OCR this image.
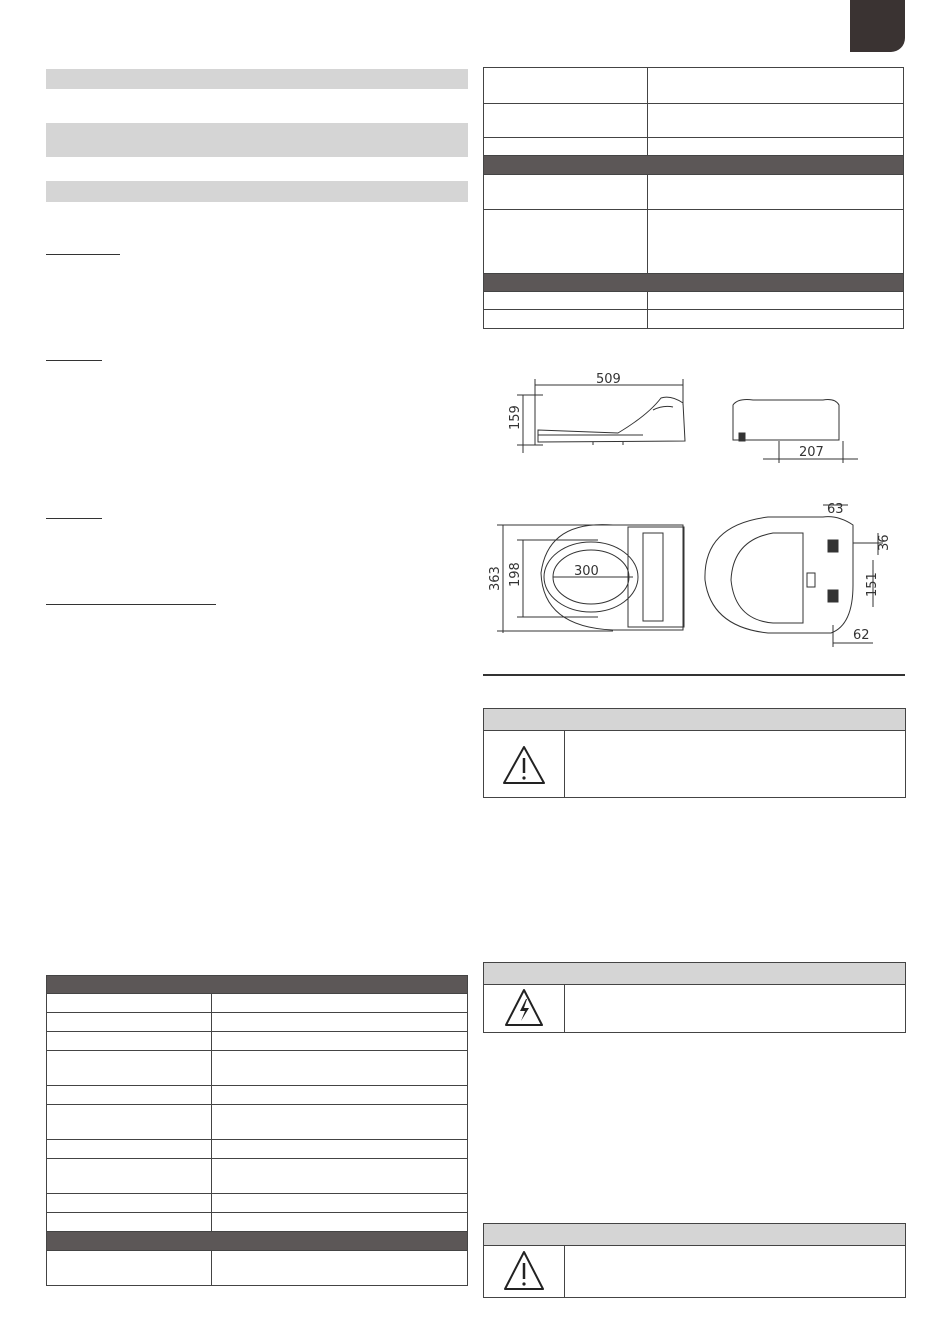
509
159
207
363 198	300
63
36
151
62
